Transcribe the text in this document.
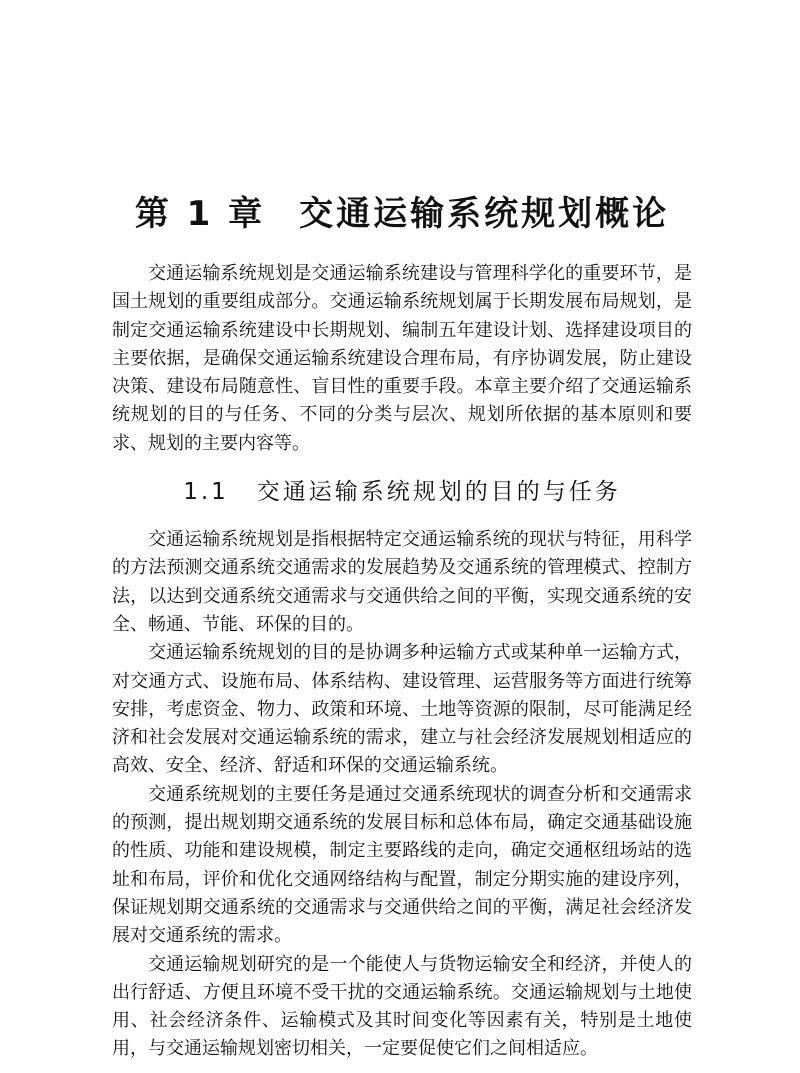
第 1 章 交通运输系统规划概论

交通运输系统规划是交通运输系统建设与管理科学化的重要环节，是国土规划的重要组成部分。交通运输系统规划属于长期发展布局规划，是制定交通运输系统建设中长期规划、编制五年建设计划、选择建设项目的主要依据，是确保交通运输系统建设合理布局，有序协调发展，防止建设决策、建设布局随意性、盲目性的重要手段。本章主要介绍了交通运输系统规划的目的与任务、不同的分类与层次、规划所依据的基本原则和要求、规划的主要内容等。

1.1 交通运输系统规划的目的与任务

交通运输系统规划是指根据特定交通运输系统的现状与特征，用科学的方法预测交通系统交通需求的发展趋势及交通系统的管理模式、控制方法，以达到交通系统交通需求与交通供给之间的平衡，实现交通系统的安全、畅通、节能、环保的目的。

交通运输系统规划的目的是协调多种运输方式或某种单一运输方式，对交通方式、设施布局、体系结构、建设管理、运营服务等方面进行统筹安排，考虑资金、物力、政策和环境、土地等资源的限制，尽可能满足经济和社会发展对交通运输系统的需求，建立与社会经济发展规划相适应的高效、安全、经济、舒适和环保的交通运输系统。

交通系统规划的主要任务是通过交通系统现状的调查分析和交通需求的预测，提出规划期交通系统的发展目标和总体布局，确定交通基础设施的性质、功能和建设规模，制定主要路线的走向，确定交通枢纽场站的选址和布局，评价和优化交通网络结构与配置，制定分期实施的建设序列，保证规划期交通系统的交通需求与交通供给之间的平衡，满足社会经济发展对交通系统的需求。

交通运输规划研究的是一个能使人与货物运输安全和经济，并使人的出行舒适、方便且环境不受干扰的交通运输系统。交通运输规划与土地使用、社会经济条件、运输模式及其时间变化等因素有关，特别是土地使用，与交通运输规划密切相关，一定要促使它们之间相适应。
